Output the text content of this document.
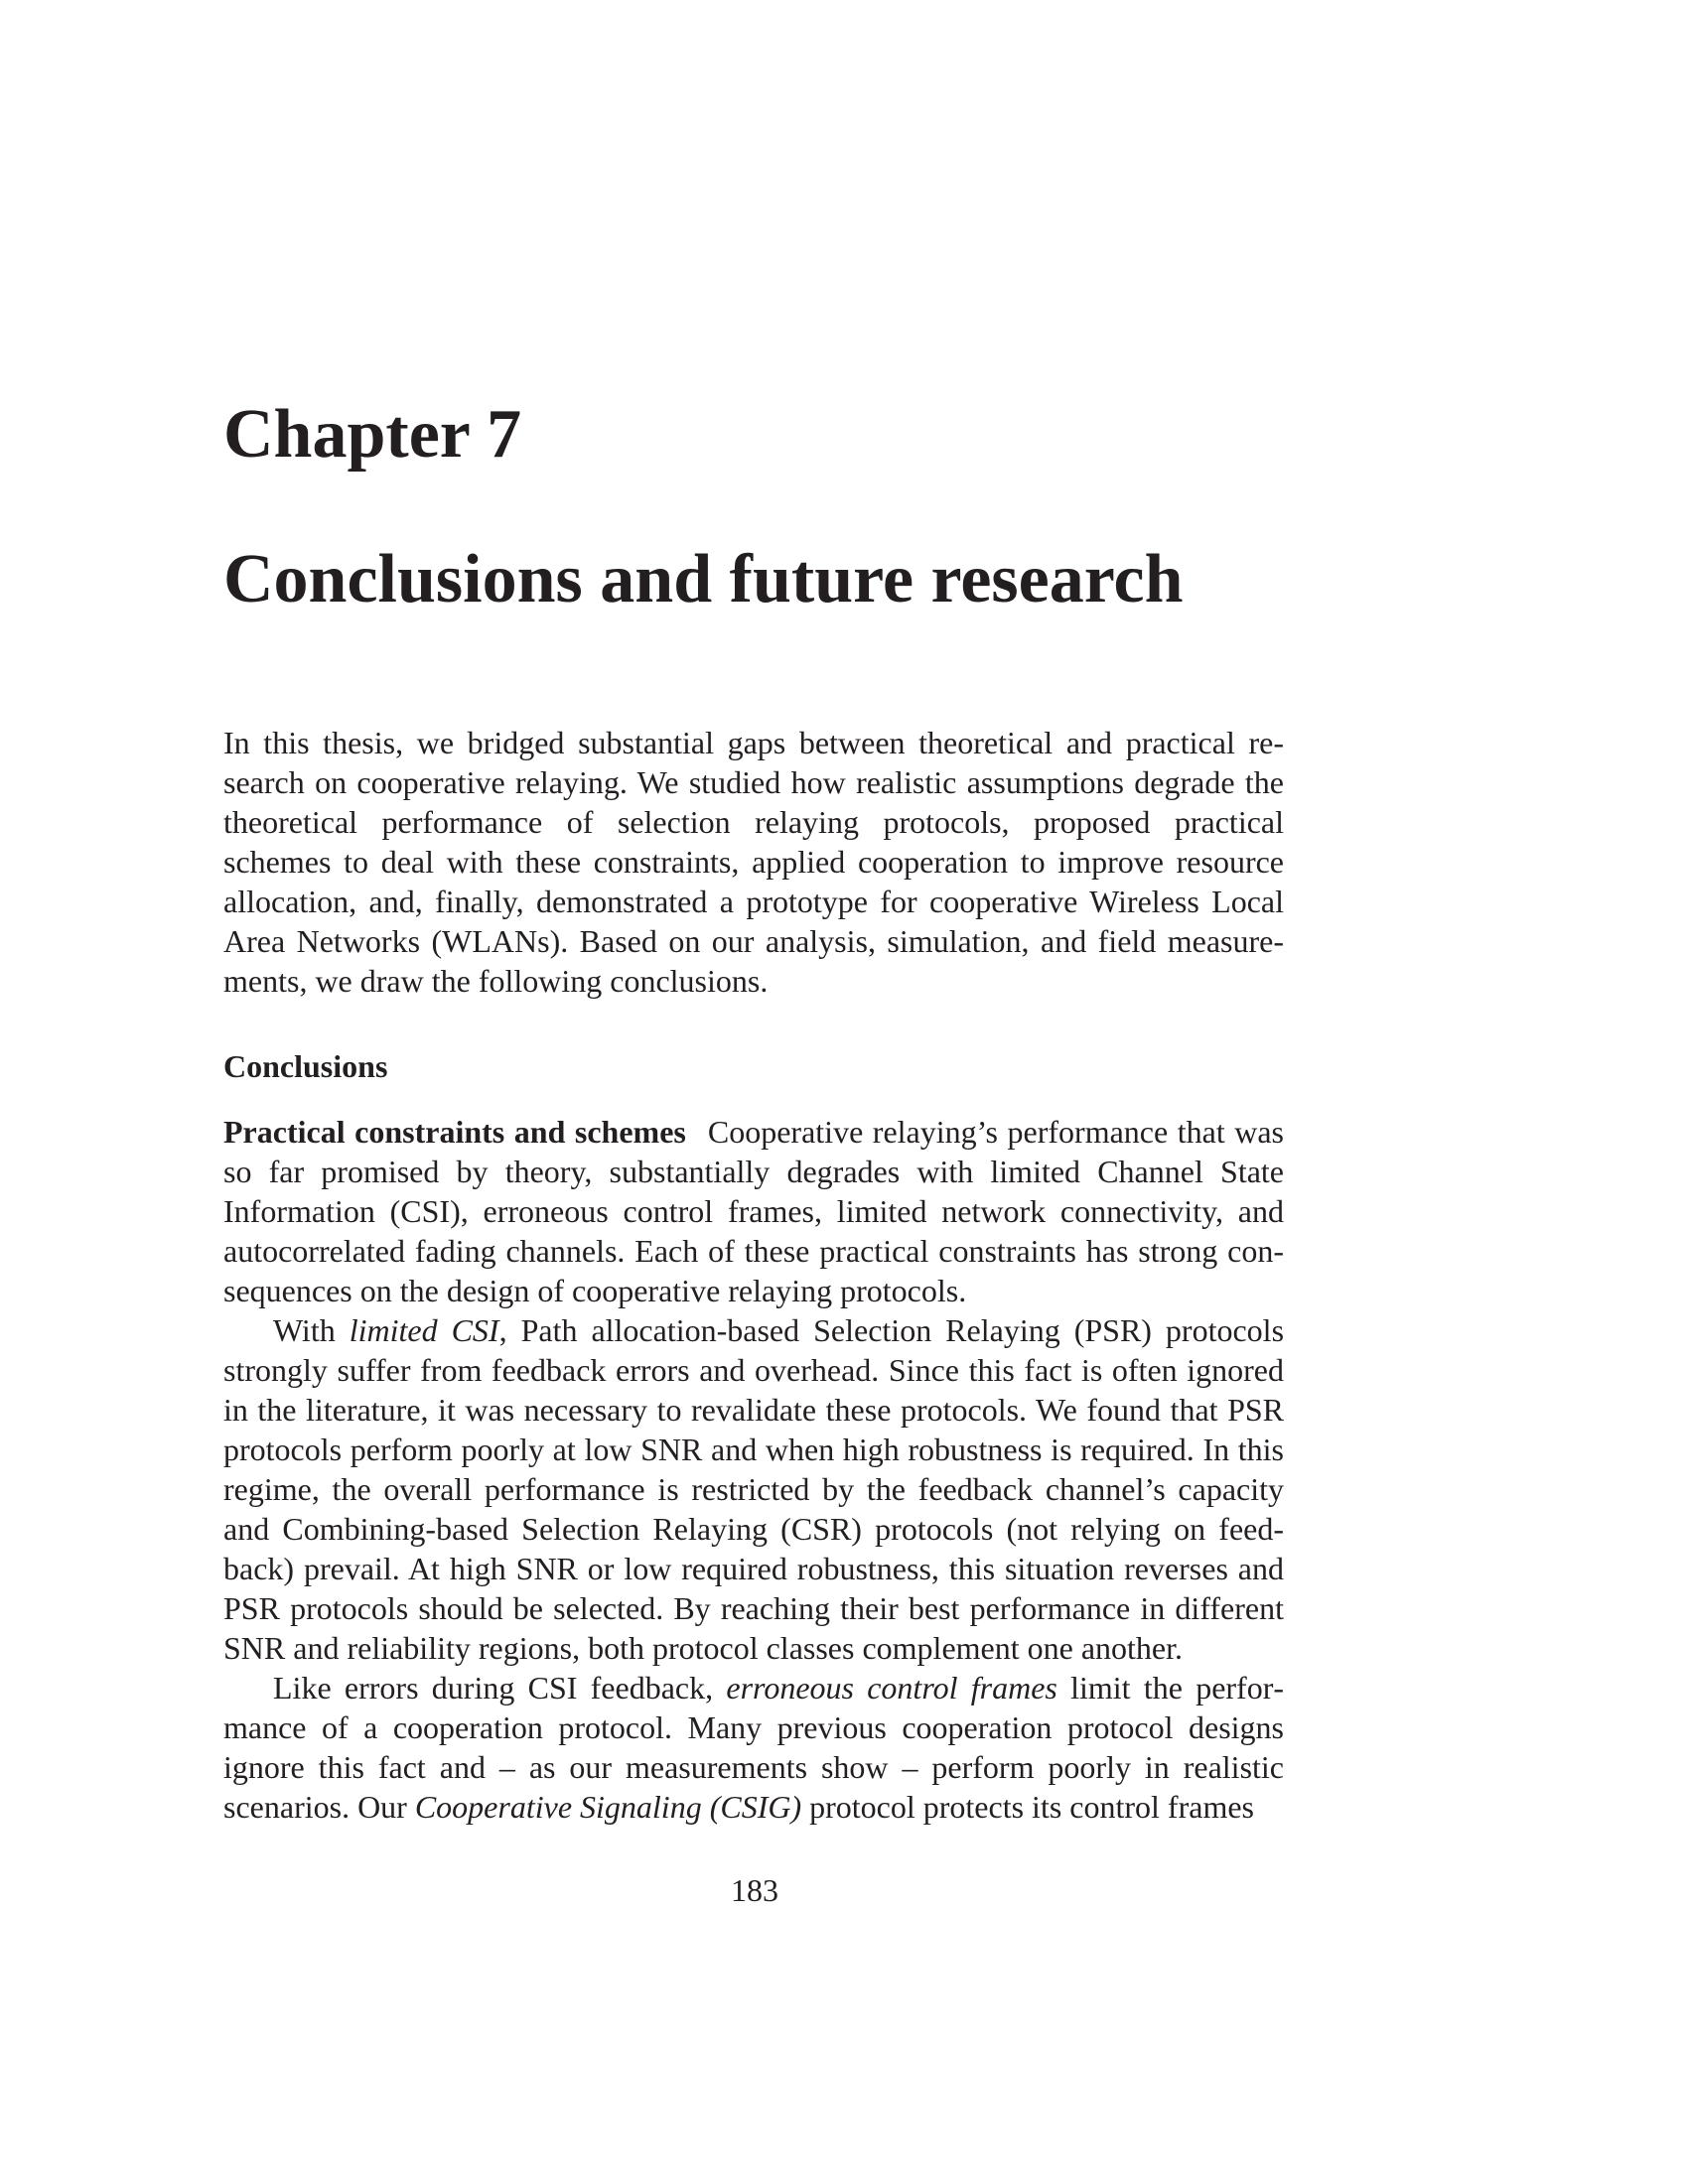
Chapter 7
Conclusions and future research

In this thesis, we bridged substantial gaps between theoretical and practical research on cooperative relaying. We studied how realistic assumptions degrade the theoretical performance of selection relaying protocols, proposed practical schemes to deal with these constraints, applied cooperation to improve resource allocation, and, finally, demonstrated a prototype for cooperative Wireless Local Area Networks (WLANs). Based on our analysis, simulation, and field measurements, we draw the following conclusions.

Conclusions

Practical constraints and schemes Cooperative relaying’s performance that was so far promised by theory, substantially degrades with limited Channel State Information (CSI), erroneous control frames, limited network connectivity, and autocorrelated fading channels. Each of these practical constraints has strong consequences on the design of cooperative relaying protocols.

With limited CSI, Path allocation-based Selection Relaying (PSR) protocols strongly suffer from feedback errors and overhead. Since this fact is often ignored in the literature, it was necessary to revalidate these protocols. We found that PSR protocols perform poorly at low SNR and when high robustness is required. In this regime, the overall performance is restricted by the feedback channel’s capacity and Combining-based Selection Relaying (CSR) protocols (not relying on feedback) prevail. At high SNR or low required robustness, this situation reverses and PSR protocols should be selected. By reaching their best performance in different SNR and reliability regions, both protocol classes complement one another.

Like errors during CSI feedback, erroneous control frames limit the performance of a cooperation protocol. Many previous cooperation protocol designs ignore this fact and – as our measurements show – perform poorly in realistic scenarios. Our Cooperative Signaling (CSIG) protocol protects its control frames

183
